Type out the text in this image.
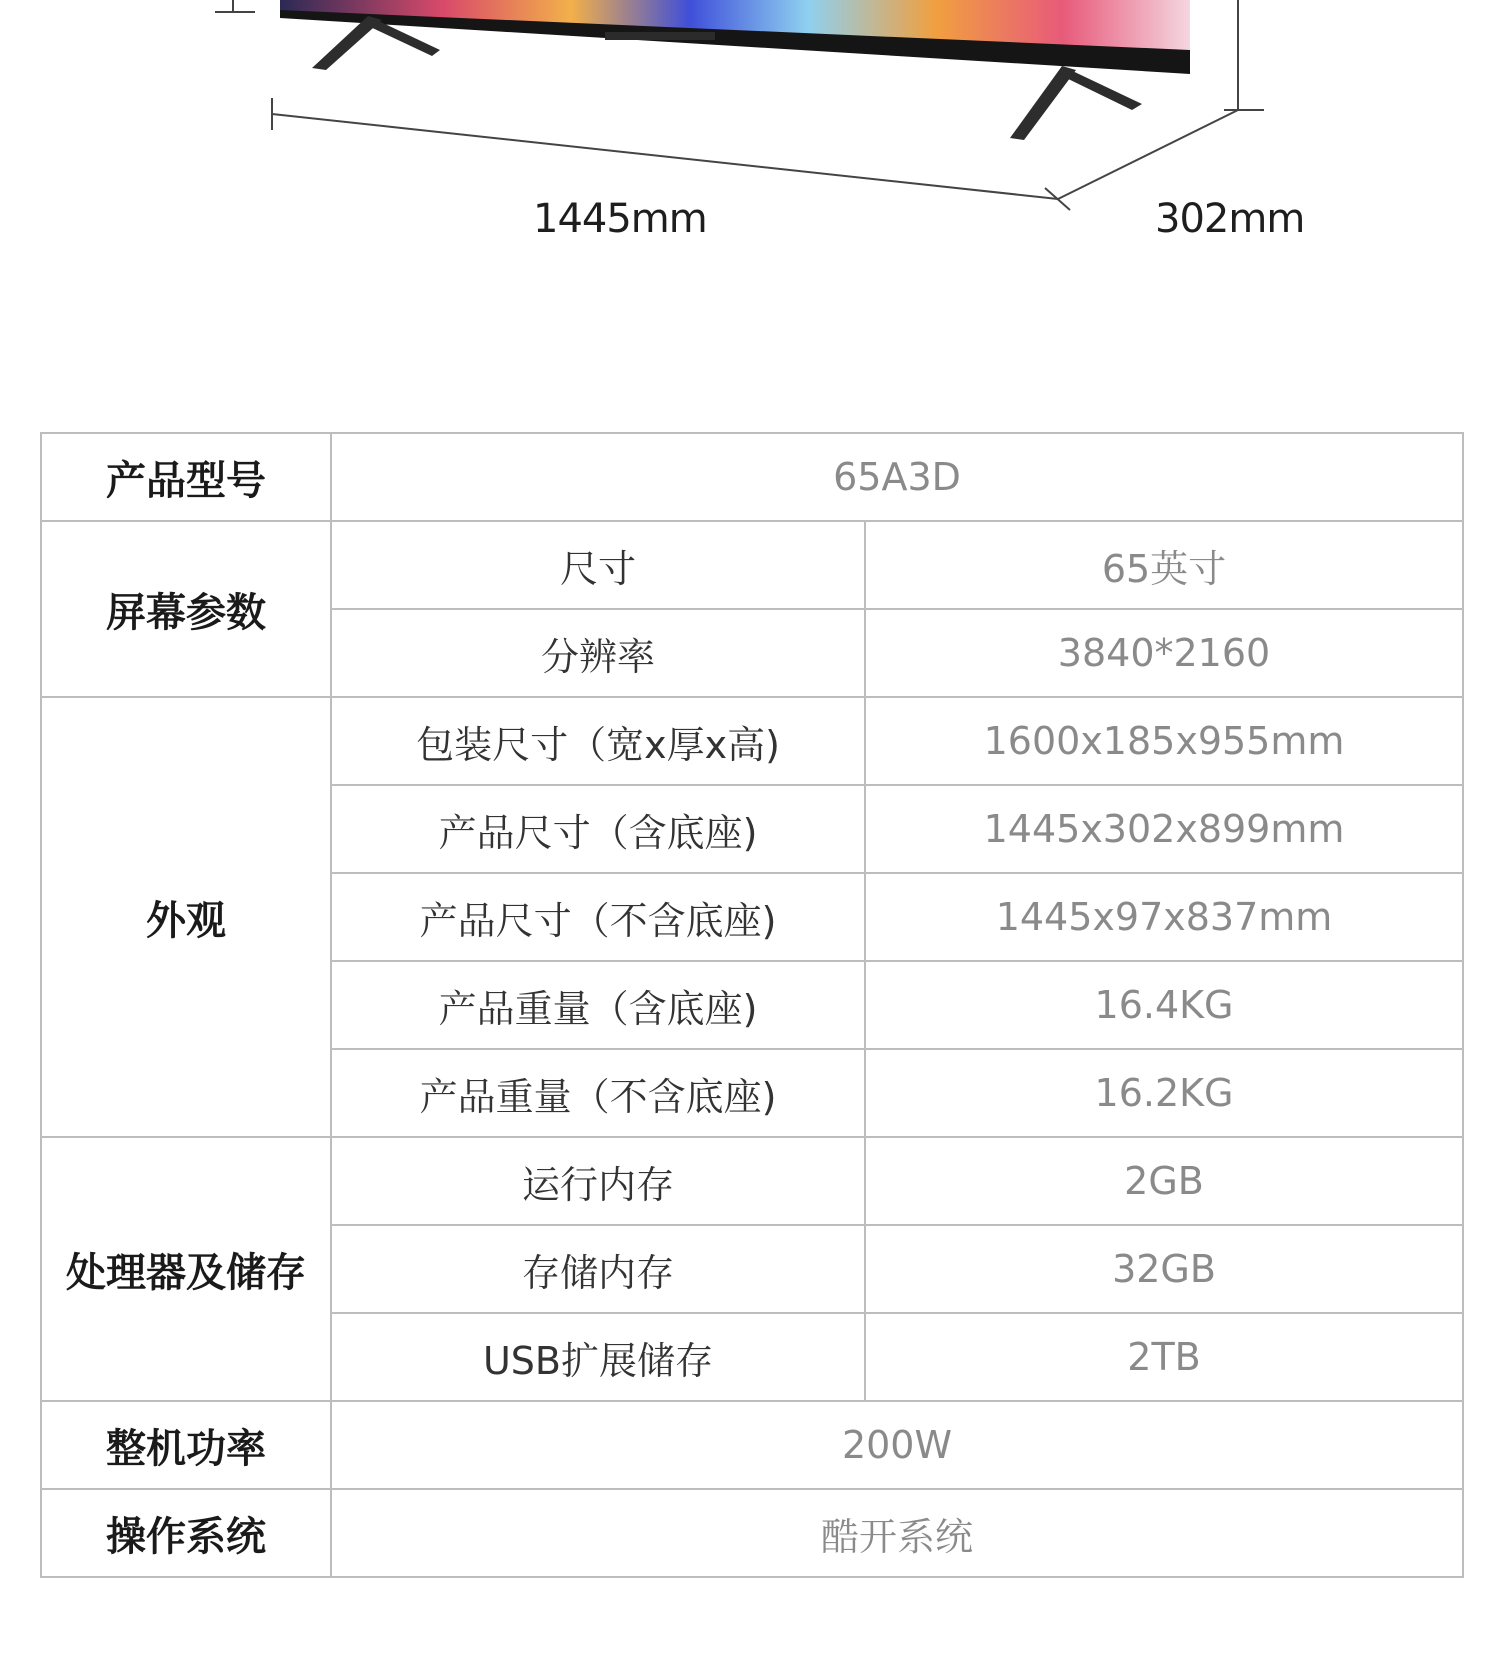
1445mm	302mm
产品型号	65A3D	
屏幕参数	尺寸	65英寸
	分辨率	3840*2160
外观	包装尺寸（宽x厚x高)	1600x185x955mm
	产品尺寸（含底座)	1445x302x899mm
	产品尺寸（不含底座)	1445x97x837mm
	产品重量（含底座)	16.4KG
	产品重量（不含底座)	16.2KG
处理器及储存	运行内存	2GB
	存储内存	32GB
	USB扩展储存	2TB
整机功率	200W	
操作系统	酷开系统	
